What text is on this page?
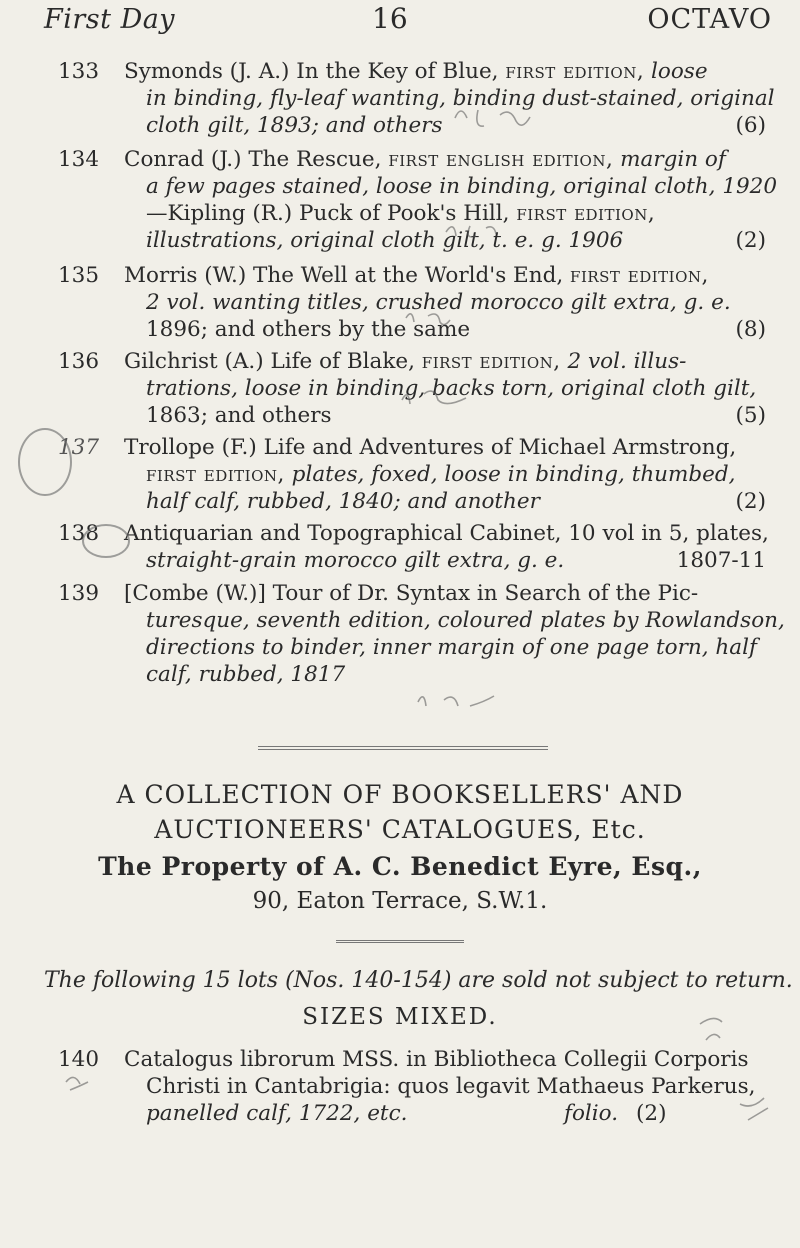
First Day	16	OCTAVO
133 Symonds (J. A.) In the Key of Blue, first edition, loose
in binding, fly-leaf wanting, binding dust-stained, original
cloth gilt, 1893; and others	(6)
134 Conrad (J.) The Rescue, first english edition, margin of
a few pages stained, loose in binding, original cloth, 1920
—Kipling (R.) Puck of Pook's Hill, first edition,
illustrations, original cloth gilt, t. e. g. 1906	(2)
135 Morris (W.) The Well at the World's End, first edition,
2 vol. wanting titles, crushed morocco gilt extra, g. e.
1896; and others by the same	(8)
136 Gilchrist (A.) Life of Blake, first edition, 2 vol. illus-
trations, loose in binding, backs torn, original cloth gilt,
1863; and others	(5)
137 Trollope (F.) Life and Adventures of Michael Armstrong,
first edition, plates, foxed, loose in binding, thumbed,
half calf, rubbed, 1840; and another	(2)
138 Antiquarian and Topographical Cabinet, 10 vol in 5, plates,
straight-grain morocco gilt extra, g. e.	1807-11
139 [Combe (W.)] Tour of Dr. Syntax in Search of the Pic-
turesque, seventh edition, coloured plates by Rowlandson,
directions to binder, inner margin of one page torn, half
calf, rubbed, 1817
A COLLECTION OF BOOKSELLERS' AND
AUCTIONEERS' CATALOGUES, Etc.
The Property of A. C. Benedict Eyre, Esq.,
90, Eaton Terrace, S.W.1.
The following 15 lots (Nos. 140-154) are sold not subject to return.
SIZES MIXED.
140 Catalogus librorum MSS. in Bibliotheca Collegii Corporis
Christi in Cantabrigia: quos legavit Mathaeus Parkerus,
panelled calf, 1722, etc.	folio. (2)
